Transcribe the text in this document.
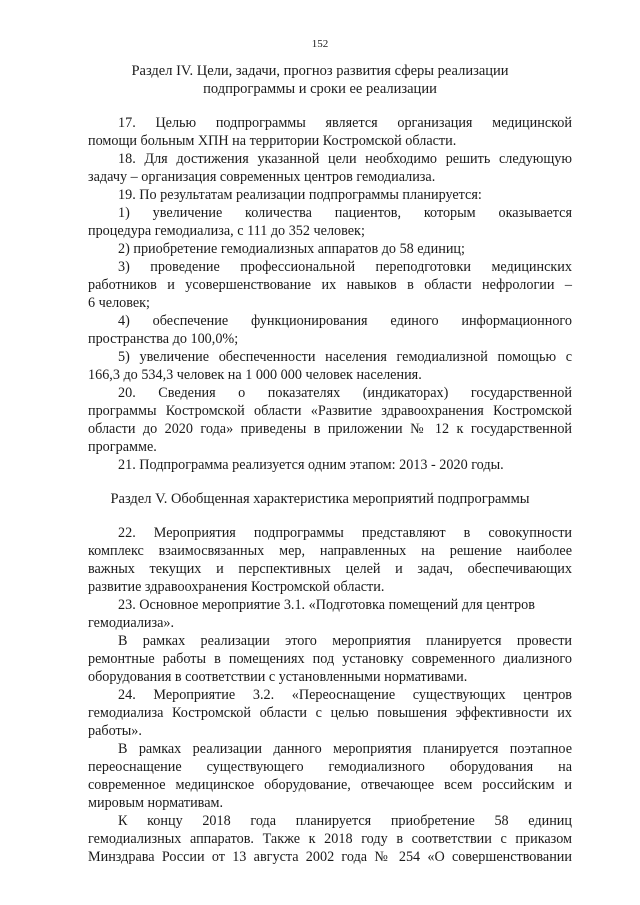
152
Раздел IV. Цели, задачи, прогноз развития сферы реализации
подпрограммы и сроки ее реализации
17. Целью подпрограммы является организация медицинской
помощи больным ХПН на территории Костромской области.
18. Для достижения указанной цели необходимо решить следующую
задачу – организация современных центров гемодиализа.
19. По результатам реализации подпрограммы планируется:
1) увеличение количества пациентов, которым оказывается
процедура гемодиализа, с 111 до 352 человек;
2) приобретение гемодиализных аппаратов до 58 единиц;
3) проведение профессиональной переподготовки медицинских
работников и усовершенствование их навыков в области нефрологии –
6 человек;
4) обеспечение функционирования единого информационного
пространства до 100,0%;
5) увеличение обеспеченности населения гемодиализной помощью с
166,3 до 534,3 человек на 1 000 000 человек населения.
20. Сведения о показателях (индикаторах) государственной
программы Костромской области «Развитие здравоохранения Костромской
области до 2020 года» приведены в приложении № 12 к государственной
программе.
21. Подпрограмма реализуется одним этапом: 2013 - 2020 годы.
Раздел V. Обобщенная характеристика мероприятий подпрограммы
22. Мероприятия подпрограммы представляют в совокупности
комплекс взаимосвязанных мер, направленных на решение наиболее
важных текущих и перспективных целей и задач, обеспечивающих
развитие здравоохранения Костромской области.
23. Основное мероприятие 3.1. «Подготовка помещений для центров
гемодиализа».
В рамках реализации этого мероприятия планируется провести
ремонтные работы в помещениях под установку современного диализного
оборудования в соответствии с установленными нормативами.
24. Мероприятие 3.2. «Переоснащение существующих центров
гемодиализа Костромской области с целью повышения эффективности их
работы».
В рамках реализации данного мероприятия планируется поэтапное
переоснащение существующего гемодиализного оборудования на
современное медицинское оборудование, отвечающее всем российским и
мировым нормативам.
К концу 2018 года планируется приобретение 58 единиц
гемодиализных аппаратов. Также к 2018 году в соответствии с приказом
Минздрава России от 13 августа 2002 года № 254 «О совершенствовании
